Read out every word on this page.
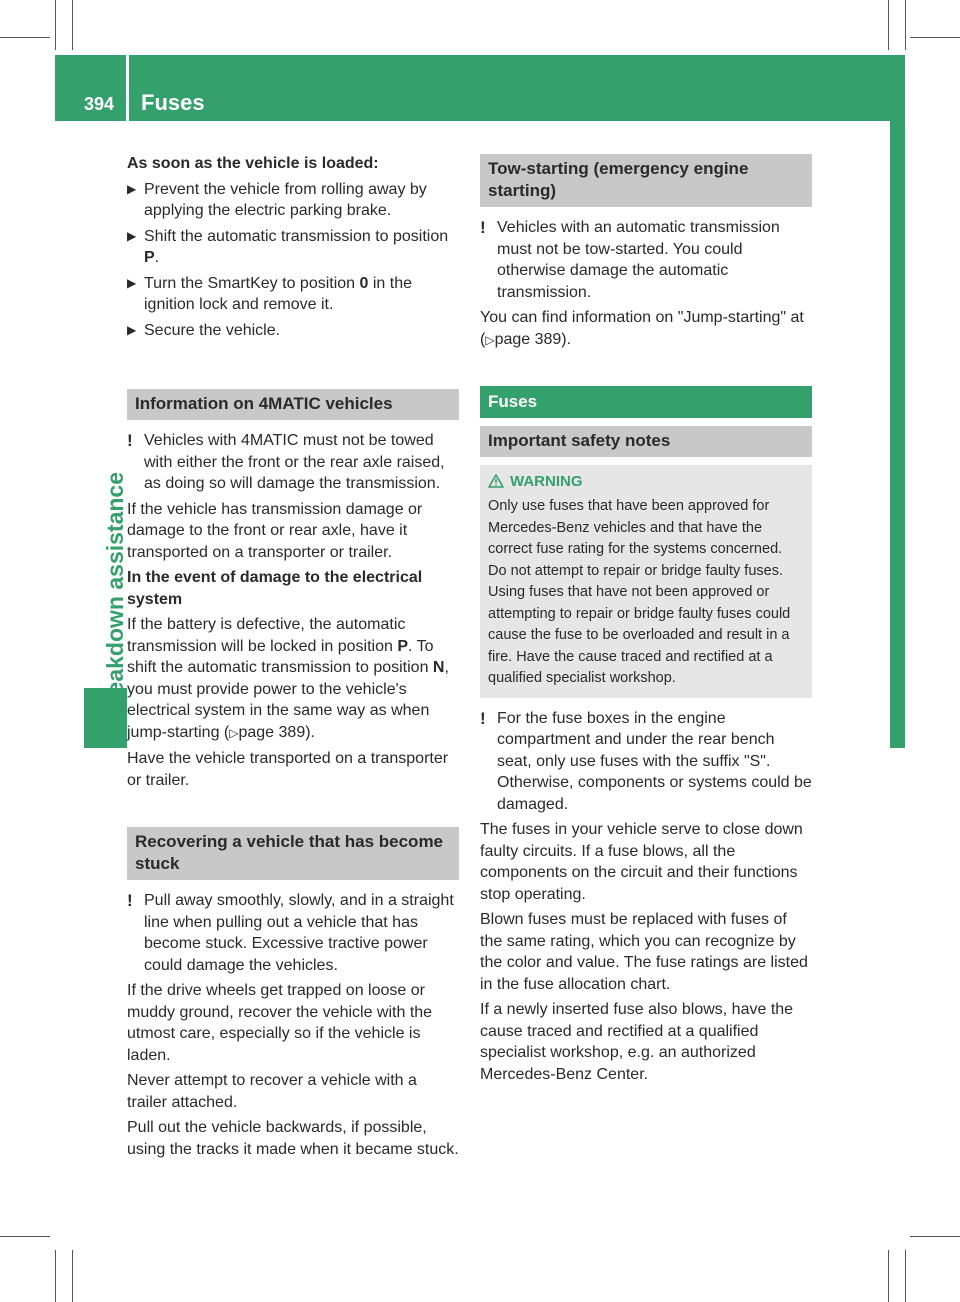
394 Fuses
Breakdown assistance

As soon as the vehicle is loaded:

▶ Prevent the vehicle from rolling away by applying the electric parking brake.
▶ Shift the automatic transmission to position P.
▶ Turn the SmartKey to position 0 in the ignition lock and remove it.
▶ Secure the vehicle.
Information on 4MATIC vehicles
! Vehicles with 4MATIC must not be towed with either the front or the rear axle raised, as doing so will damage the transmission.

If the vehicle has transmission damage or damage to the front or rear axle, have it transported on a transporter or trailer.

In the event of damage to the electrical system

If the battery is defective, the automatic transmission will be locked in position P. To shift the automatic transmission to position N, you must provide power to the vehicle's electrical system in the same way as when jump-starting (▷page 389).

Have the vehicle transported on a transporter or trailer.

Recovering a vehicle that has become stuck
! Pull away smoothly, slowly, and in a straight line when pulling out a vehicle that has become stuck. Excessive tractive power could damage the vehicles.

If the drive wheels get trapped on loose or muddy ground, recover the vehicle with the utmost care, especially so if the vehicle is laden.

Never attempt to recover a vehicle with a trailer attached.

Pull out the vehicle backwards, if possible, using the tracks it made when it became stuck.

Tow-starting (emergency engine starting)
! Vehicles with an automatic transmission must not be tow-started. You could otherwise damage the automatic transmission.

You can find information on "Jump-starting" at (▷page 389).

Fuses
Important safety notes
WARNING

Only use fuses that have been approved for Mercedes-Benz vehicles and that have the correct fuse rating for the systems concerned. Do not attempt to repair or bridge faulty fuses. Using fuses that have not been approved or attempting to repair or bridge faulty fuses could cause the fuse to be overloaded and result in a fire. Have the cause traced and rectified at a qualified specialist workshop.

! For the fuse boxes in the engine compartment and under the rear bench seat, only use fuses with the suffix "S". Otherwise, components or systems could be damaged.

The fuses in your vehicle serve to close down faulty circuits. If a fuse blows, all the components on the circuit and their functions stop operating.

Blown fuses must be replaced with fuses of the same rating, which you can recognize by the color and value. The fuse ratings are listed in the fuse allocation chart.

If a newly inserted fuse also blows, have the cause traced and rectified at a qualified specialist workshop, e.g. an authorized Mercedes-Benz Center.
